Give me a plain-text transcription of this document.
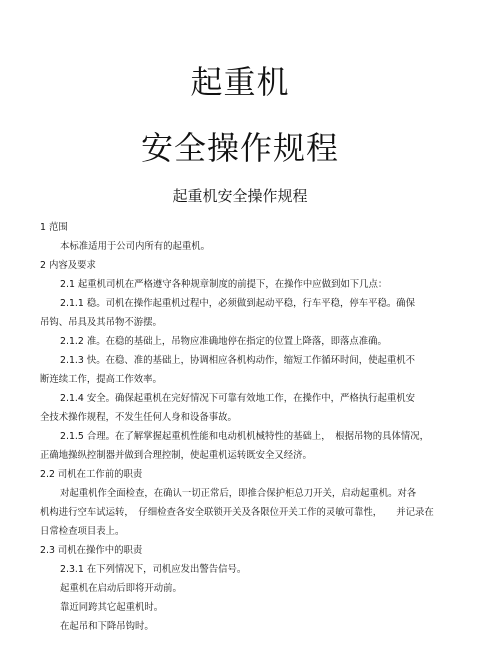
起重机
安全操作规程
起重机安全操作规程

1 范围

本标准适用于公司内所有的起重机。

2 内容及要求

2.1 起重机司机在严格遵守各种规章制度的前提下，在操作中应做到如下几点：

2.1.1 稳。司机在操作起重机过程中，必须做到起动平稳，行车平稳，停车平稳。确保

吊钩、吊具及其吊物不游摆。

2.1.2 准。在稳的基础上，吊物应准确地停在指定的位置上降落，即落点准确。

2.1.3 快。在稳、准的基础上，协调相应各机构动作，缩短工作循环时间，使起重机不

断连续工作，提高工作效率。

2.1.4 安全。确保起重机在完好情况下可靠有效地工作，在操作中，严格执行起重机安

全技术操作规程，不发生任何人身和设备事故。

2.1.5 合理。在了解掌握起重机性能和电动机机械特性的基础上，　根据吊物的具体情况，

正确地操纵控制器并做到合理控制，使起重机运转既安全又经济。

2.2 司机在工作前的职责

对起重机作全面检查，在确认一切正常后，即推合保护柜总刀开关，启动起重机。对各

机构进行空车试运转，　仔细检查各安全联锁开关及各限位开关工作的灵敏可靠性，　　并记录在

日常检查项目表上。

2.3 司机在操作中的职责

2.3.1 在下列情况下，司机应发出警告信号。

起重机在启动后即将开动前。

靠近同跨其它起重机时。

在起吊和下降吊钩时。
